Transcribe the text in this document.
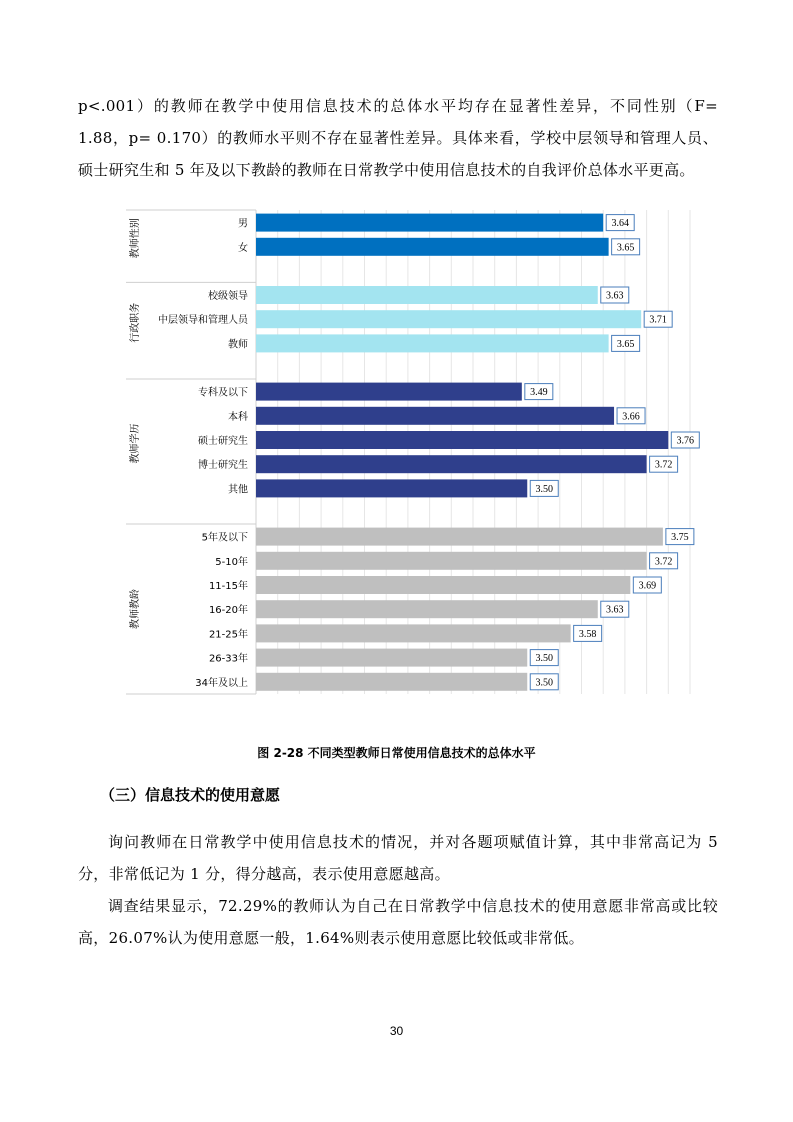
p<.001）的教师在教学中使用信息技术的总体水平均存在显著性差异，不同性别（F= 1.88，p= 0.170）的教师水平则不存在显著性差异。具体来看，学校中层领导和管理人员、硕士研究生和 5 年及以下教龄的教师在日常教学中使用信息技术的自我评价总体水平更高。

男	3.64
女	3.65
教师性别
校级领导	3.63
中层领导和管理人员	3.71
教师	3.65
行政职务
专科及以下	3.49
本科	3.66
硕士研究生	3.76
博士研究生	3.72
其他	3.50
教师学历
5年及以下	3.75
5-10年	3.72
11-15年	3.69
16-20年	3.63
21-25年	3.58
26-33年	3.50
34年及以上	3.50
教师教龄
图 2-28 不同类型教师日常使用信息技术的总体水平
（三）信息技术的使用意愿

询问教师在日常教学中使用信息技术的情况，并对各题项赋值计算，其中非常高记为 5 分，非常低记为 1 分，得分越高，表示使用意愿越高。

调查结果显示，72.29%的教师认为自己在日常教学中信息技术的使用意愿非常高或比较高，26.07%认为使用意愿一般，1.64%则表示使用意愿比较低或非常低。

30
